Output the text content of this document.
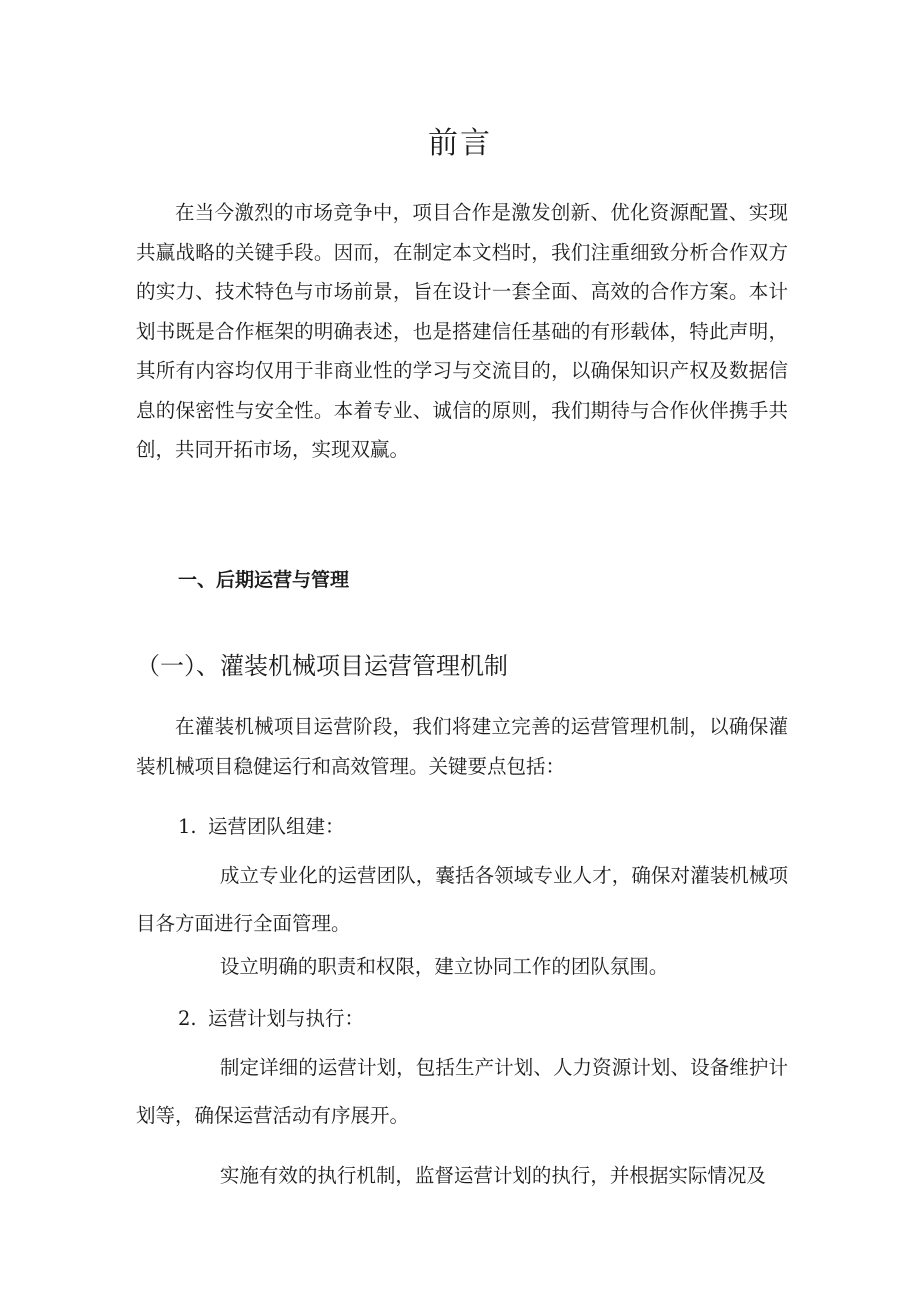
前言

在当今激烈的市场竞争中，项目合作是激发创新、优化资源配置、实现共赢战略的关键手段。因而，在制定本文档时，我们注重细致分析合作双方的实力、技术特色与市场前景，旨在设计一套全面、高效的合作方案。本计划书既是合作框架的明确表述，也是搭建信任基础的有形载体，特此声明，其所有内容均仅用于非商业性的学习与交流目的，以确保知识产权及数据信息的保密性与安全性。本着专业、诚信的原则，我们期待与合作伙伴携手共创，共同开拓市场，实现双赢。

一、后期运营与管理
（一）、灌装机械项目运营管理机制

在灌装机械项目运营阶段，我们将建立完善的运营管理机制，以确保灌装机械项目稳健运行和高效管理。关键要点包括：

1. 运营团队组建：

成立专业化的运营团队，囊括各领域专业人才，确保对灌装机械项目各方面进行全面管理。

设立明确的职责和权限，建立协同工作的团队氛围。

2. 运营计划与执行：

制定详细的运营计划，包括生产计划、人力资源计划、设备维护计划等，确保运营活动有序展开。

实施有效的执行机制，监督运营计划的执行，并根据实际情况及
